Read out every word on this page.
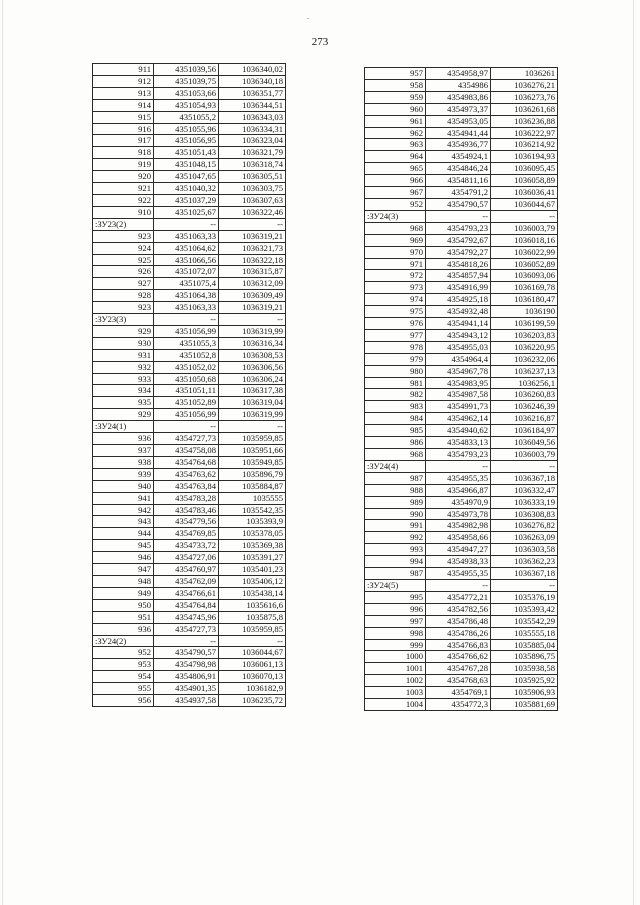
˘
273
911	4351039,56	1036340,02
912	4351039,75	1036340,18
913	4351053,66	1036351,77
914	4351054,93	1036344,51
915	4351055,2	1036343,03
916	4351055,96	1036334,31
917	4351056,95	1036323,04
918	4351051,43	1036321,79
919	4351048,15	1036318,74
920	4351047,65	1036305,51
921	4351040,32	1036303,75
922	4351037,29	1036307,63
910	4351025,67	1036322,46
:ЗУ23(2)	--	--
923	4351063,33	1036319,21
924	4351064,62	1036321,73
925	4351066,56	1036322,18
926	4351072,07	1036315,87
927	4351075,4	1036312,09
928	4351064,38	1036309,49
923	4351063,33	1036319,21
:ЗУ23(3)	--	--
929	4351056,99	1036319,99
930	4351055,3	1036316,34
931	4351052,8	1036308,53
932	4351052,02	1036306,56
933	4351050,68	1036306,24
934	4351051,11	1036317,38
935	4351052,89	1036319,04
929	4351056,99	1036319,99
:ЗУ24(1)	--	--
936	4354727,73	1035959,85
937	4354758,08	1035951,66
938	4354764,68	1035949,85
939	4354763,62	1035896,79
940	4354763,84	1035884,87
941	4354783,28	1035555
942	4354783,46	1035542,35
943	4354779,56	1035393,9
944	4354769,85	1035378,05
945	4354733,72	1035369,38
946	4354727,06	1035391,27
947	4354760,97	1035401,23
948	4354762,09	1035406,12
949	4354766,61	1035438,14
950	4354764,84	1035616,6
951	4354745,96	1035875,8
936	4354727,73	1035959,85
:ЗУ24(2)	--	--
952	4354790,57	1036044,67
953	4354798,98	1036061,13
954	4354806,91	1036070,13
955	4354901,35	1036182,9
956	4354937,58	1036235,72
957	4354958,97	1036261
958	4354986	1036276,21
959	4354983,86	1036273,76
960	4354973,37	1036261,68
961	4354953,05	1036236,88
962	4354941,44	1036222,97
963	4354936,77	1036214,92
964	4354924,1	1036194,93
965	4354846,24	1036095,45
966	4354811,16	1036058,89
967	4354791,2	1036036,41
952	4354790,57	1036044,67
:ЗУ24(3)	--	--
968	4354793,23	1036003,79
969	4354792,67	1036018,16
970	4354792,27	1036022,99
971	4354818,26	1036052,89
972	4354857,94	1036093,06
973	4354916,99	1036169,78
974	4354925,18	1036180,47
975	4354932,48	1036190
976	4354941,14	1036199,59
977	4354943,12	1036203,83
978	4354955,03	1036220,95
979	4354964,4	1036232,06
980	4354967,78	1036237,13
981	4354983,95	1036256,1
982	4354987,58	1036260,83
983	4354991,73	1036246,39
984	4354962,14	1036216,87
985	4354940,62	1036184,97
986	4354833,13	1036049,56
968	4354793,23	1036003,79
:ЗУ24(4)	--	--
987	4354955,35	1036367,18
988	4354966,87	1036332,47
989	4354970,9	1036333,19
990	4354973,78	1036308,83
991	4354982,98	1036276,82
992	4354958,66	1036263,09
993	4354947,27	1036303,58
994	4354938,33	1036362,23
987	4354955,35	1036367,18
:ЗУ24(5)	--	--
995	4354772,21	1035376,19
996	4354782,56	1035393,42
997	4354786,48	1035542,29
998	4354786,26	1035555,18
999	4354766,83	1035885,04
1000	4354766,62	1035896,75
1001	4354767,28	1035938,58
1002	4354768,63	1035925,92
1003	4354769,1	1035906,93
1004	4354772,3	1035881,69
